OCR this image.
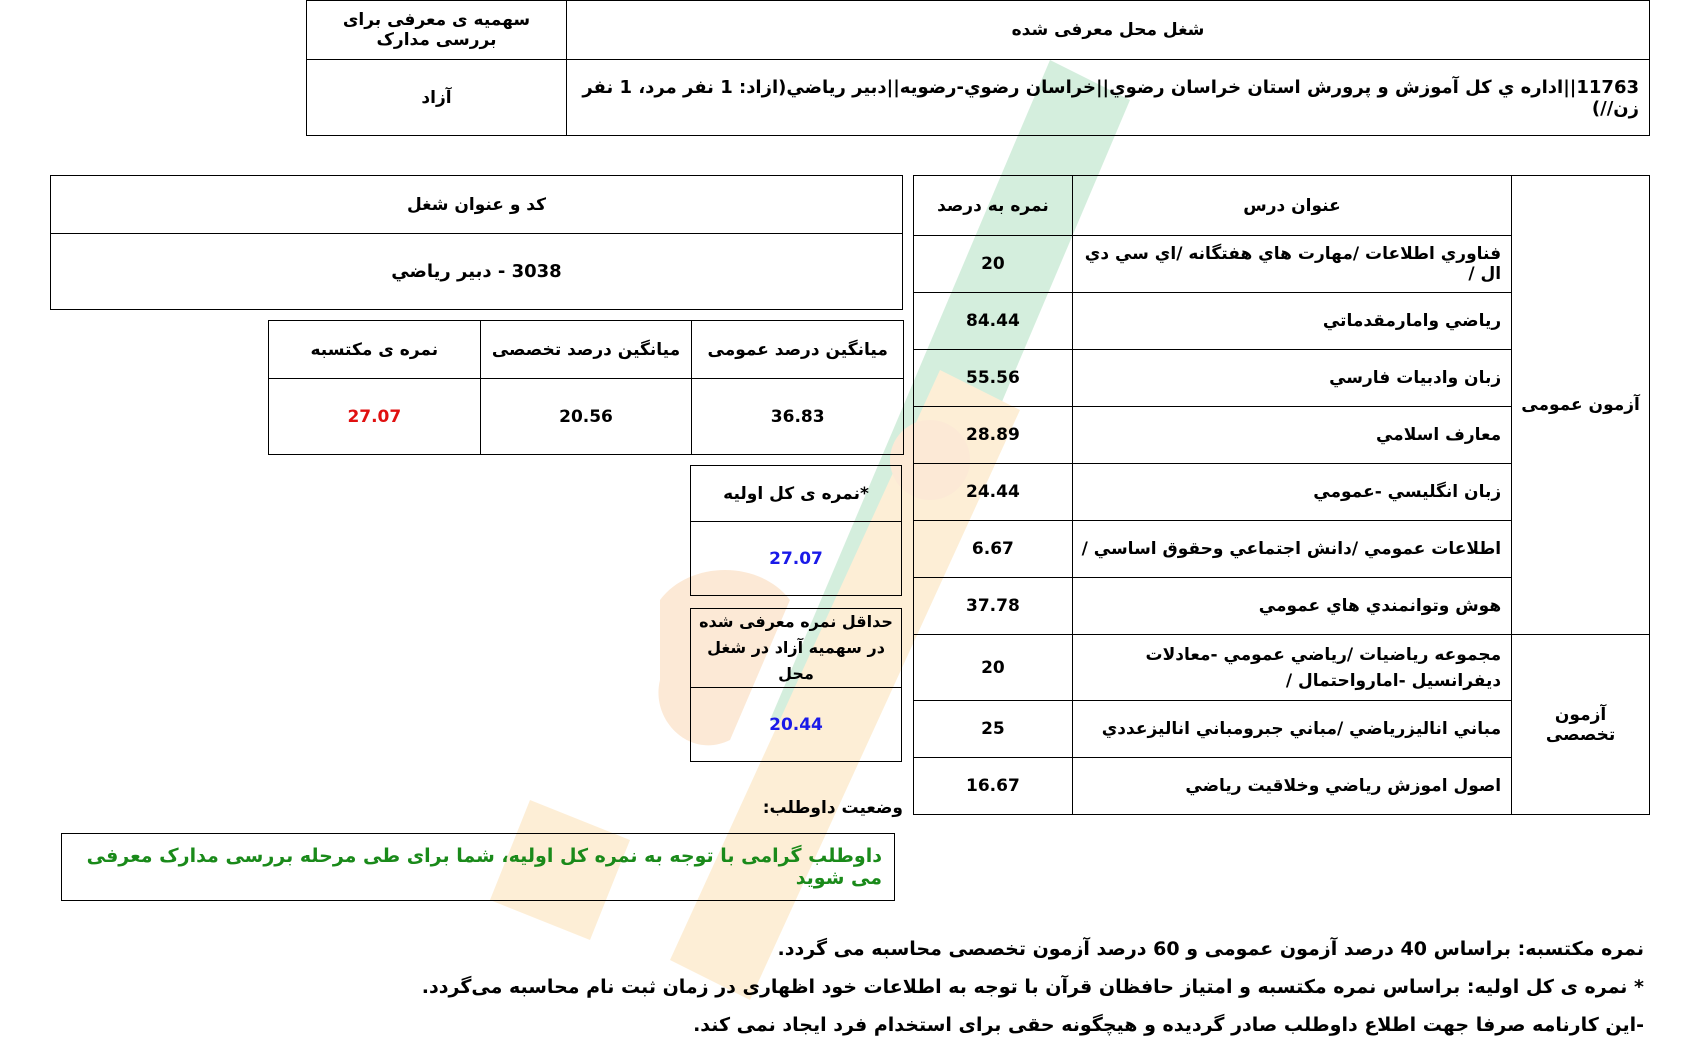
شغل محل معرفی شده	سهمیه ی معرفی برای بررسی مدارک
11763||اداره ي کل آموزش و پرورش استان خراسان رضوي||خراسان رضوي-رضويه||دبير رياضي(ازاد: 1 نفر مرد، 1 نفر زن//)	آزاد
کد و عنوان شغل
3038 - دبير رياضي
ميانگين درصد عمومی	ميانگين درصد تخصصی	نمره ی مکتسبه
36.83	20.56	27.07
*نمره ی کل اولیه
27.07
حداقل نمره معرفی شده در سهمیه آزاد در شغل محل
20.44
آزمون عمومی	عنوان درس	نمره به درصد
	فناوري اطلاعات /مهارت هاي هفتگانه /اي سي دي ال /	20
	رياضي وامارمقدماتي	84.44
	زبان وادبيات فارسي	55.56
	معارف اسلامي	28.89
	زبان انگليسي -عمومي	24.44
	اطلاعات عمومي /دانش اجتماعي وحقوق اساسي /	6.67
	هوش وتوانمندي هاي عمومي	37.78
آزمون تخصصی	مجموعه رياضيات /رياضي عمومي -معادلات ديفرانسيل -امارواحتمال /	20
	مباني اناليزرياضي /مباني جبرومباني اناليزعددي	25
	اصول اموزش رياضي وخلاقيت رياضي	16.67
وضعيت داوطلب:
داوطلب گرامی با توجه به نمره کل اولیه، شما برای طی مرحله بررسی مدارک معرفی می شوید
نمره مکتسبه: براساس 40 درصد آزمون عمومی و 60 درصد آزمون تخصصی محاسبه می گردد.
* نمره ی کل اولیه: براساس نمره مکتسبه و امتیاز حافظان قرآن با توجه به اطلاعات خود اظهاری در زمان ثبت نام محاسبه می‌گردد.
-این کارنامه صرفا جهت اطلاع داوطلب صادر گردیده و هیچگونه حقی برای استخدام فرد ایجاد نمی کند.
